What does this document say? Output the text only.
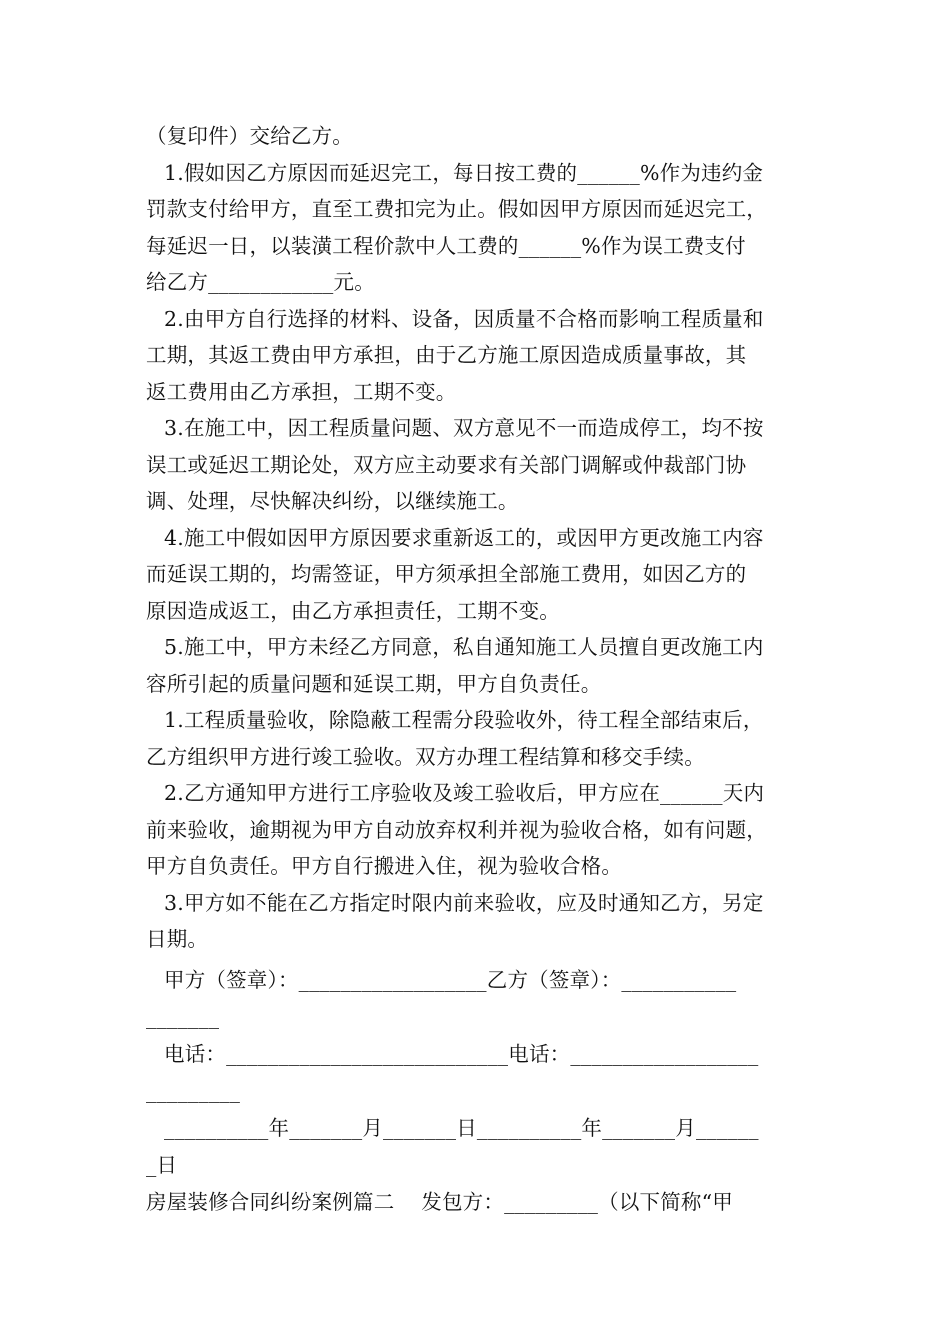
（复印件）交给乙方。
1.假如因乙方原因而延迟完工，每日按工费的______%作为违约金
罚款支付给甲方，直至工费扣完为止。假如因甲方原因而延迟完工，
每延迟一日，以装潢工程价款中人工费的______%作为误工费支付
给乙方____________元。
2.由甲方自行选择的材料、设备，因质量不合格而影响工程质量和
工期，其返工费由甲方承担，由于乙方施工原因造成质量事故，其
返工费用由乙方承担，工期不变。
3.在施工中，因工程质量问题、双方意见不一而造成停工，均不按
误工或延迟工期论处，双方应主动要求有关部门调解或仲裁部门协
调、处理，尽快解决纠纷，以继续施工。
4.施工中假如因甲方原因要求重新返工的，或因甲方更改施工内容
而延误工期的，均需签证，甲方须承担全部施工费用，如因乙方的
原因造成返工，由乙方承担责任，工期不变。
5.施工中，甲方未经乙方同意，私自通知施工人员擅自更改施工内
容所引起的质量问题和延误工期，甲方自负责任。
1.工程质量验收，除隐蔽工程需分段验收外，待工程全部结束后，
乙方组织甲方进行竣工验收。双方办理工程结算和移交手续。
2.乙方通知甲方进行工序验收及竣工验收后，甲方应在______天内
前来验收，逾期视为甲方自动放弃权利并视为验收合格，如有问题，
甲方自负责任。甲方自行搬进入住，视为验收合格。
3.甲方如不能在乙方指定时限内前来验收，应及时通知乙方，另定
日期。
甲方（签章）：__________________乙方（签章）：___________
_______
电话：___________________________电话：__________________
_________
__________年_______月_______日__________年_______月______
_日
房屋装修合同纠纷案例篇二    发包方：_________（以下简称“甲
